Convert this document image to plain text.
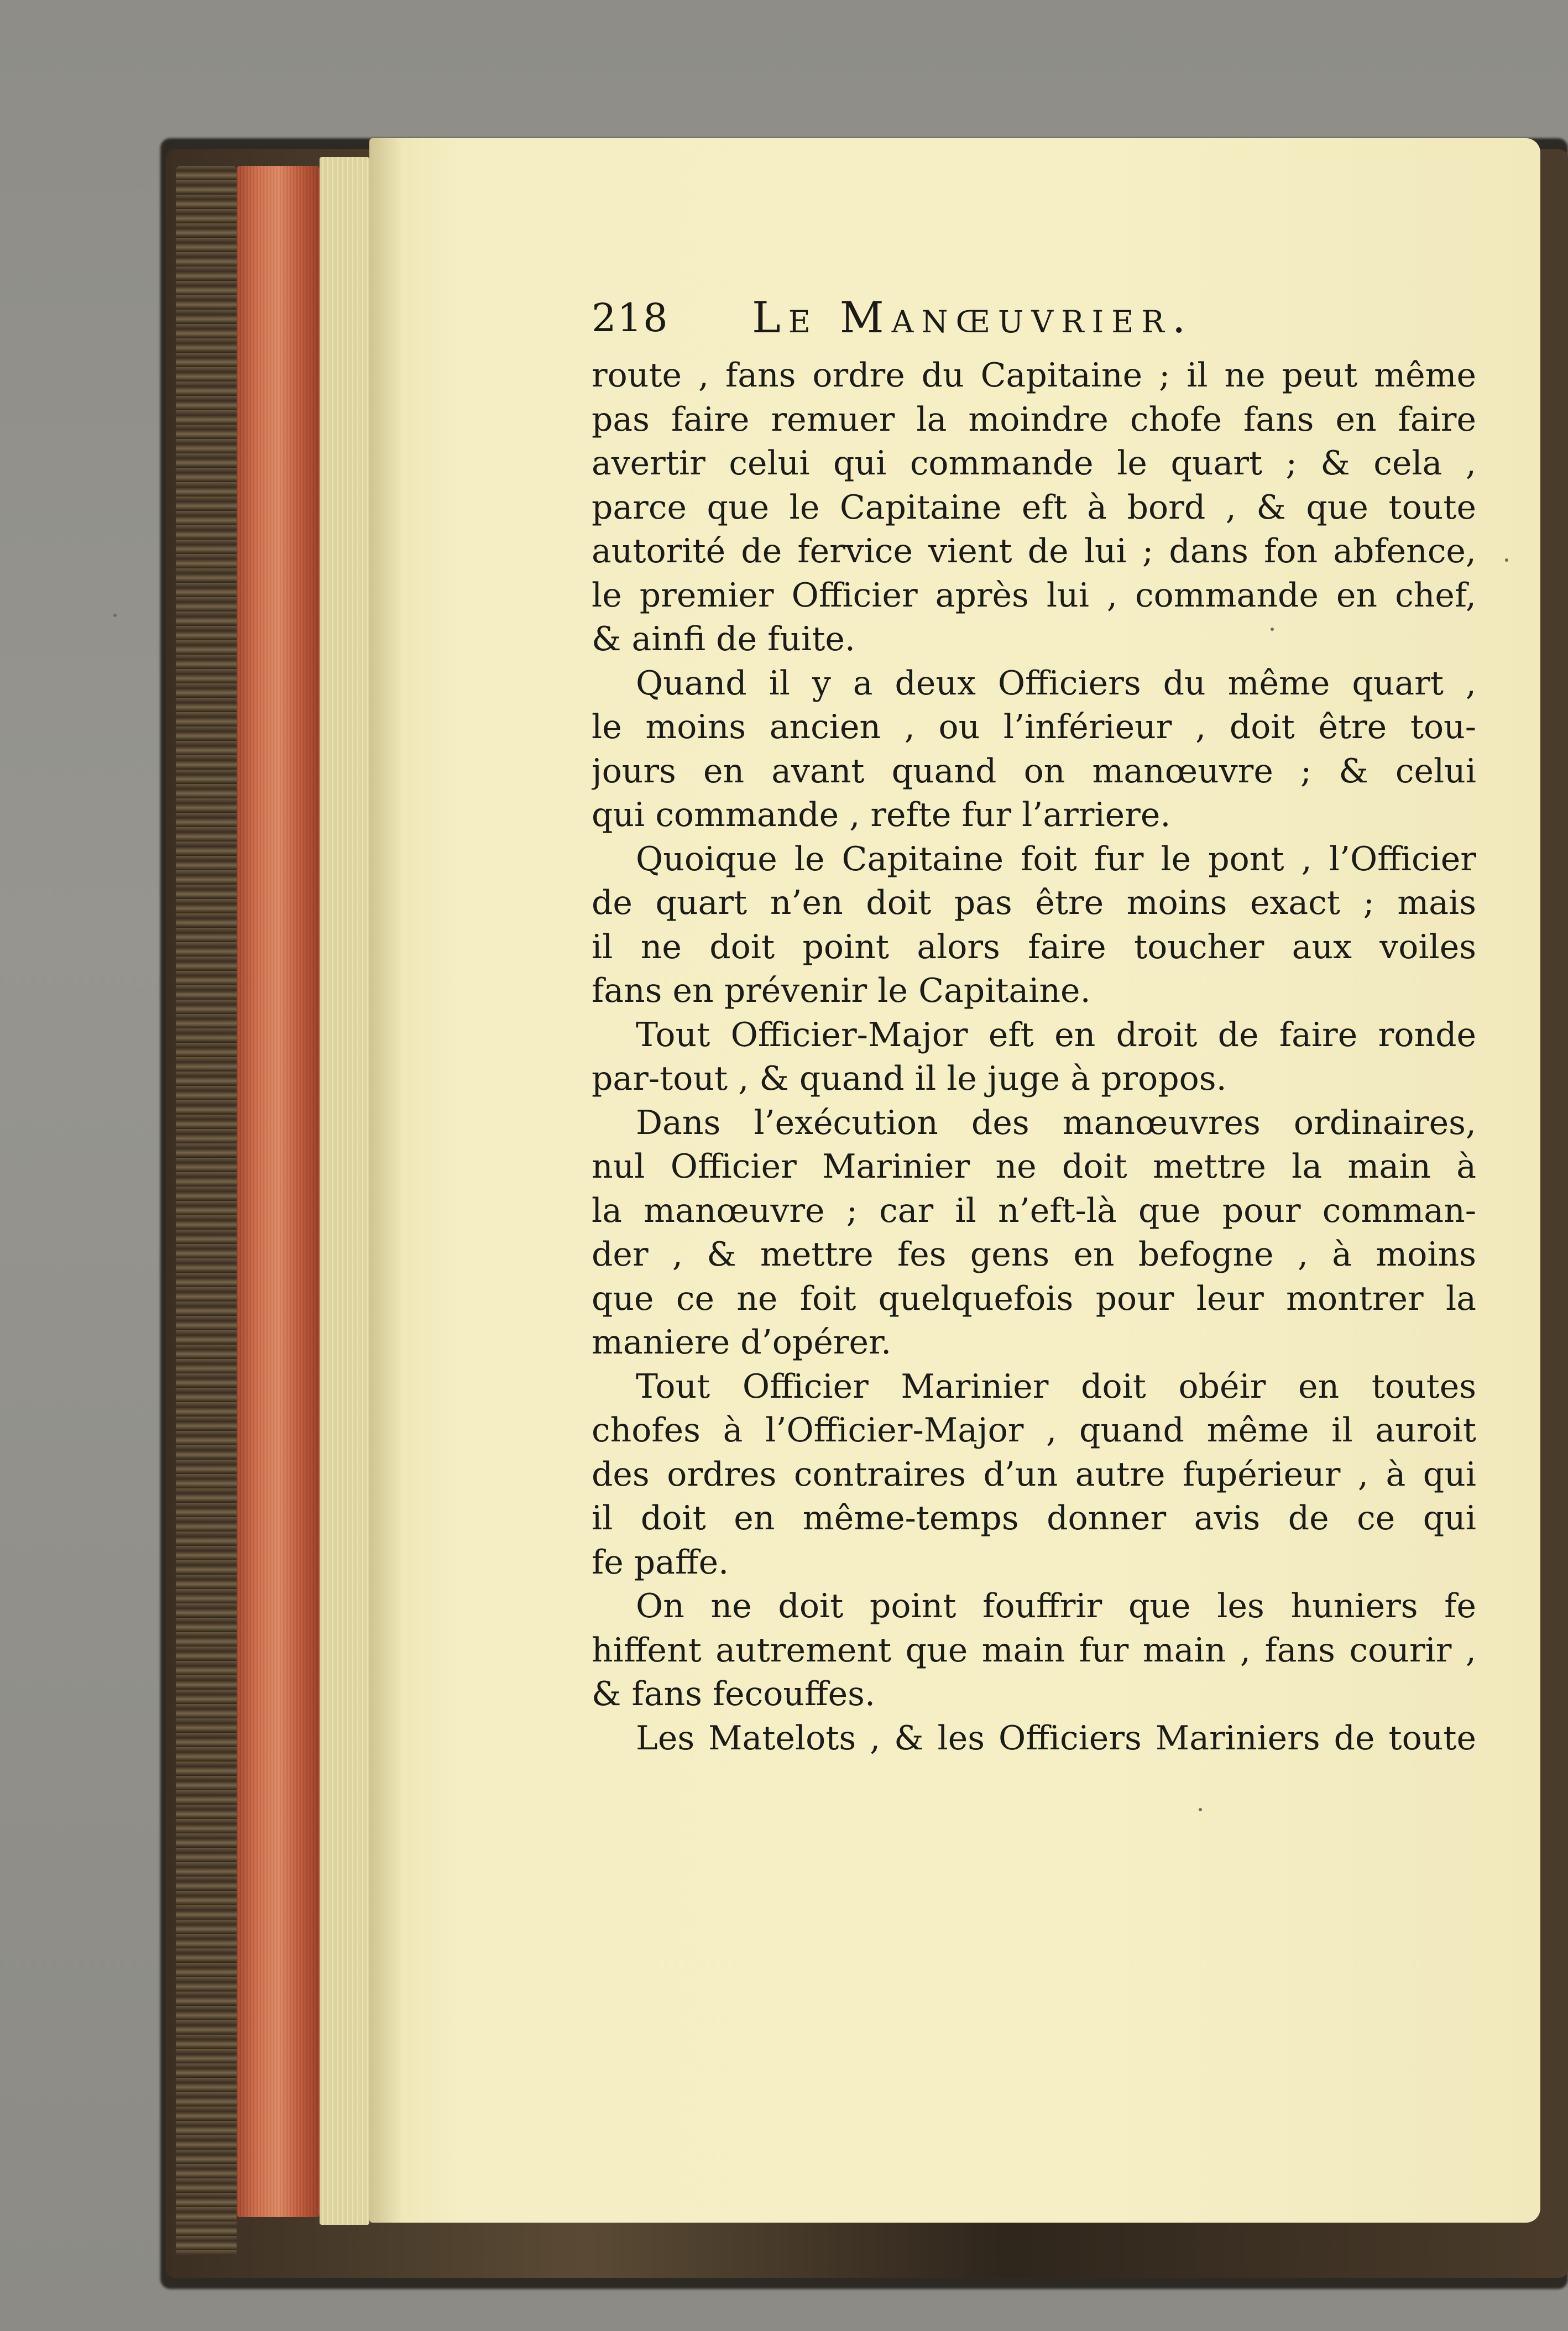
218 Le Manœuvrier.
route , fans ordre du Capitaine ; il ne peut même
pas faire remuer la moindre chofe fans en faire
avertir celui qui commande le quart ; & cela ,
parce que le Capitaine eft à bord , & que toute
autorité de fervice vient de lui ; dans fon abfence,
le premier Officier après lui , commande en chef,
& ainfi de fuite.
Quand il y a deux Officiers du même quart ,
le moins ancien , ou l’inférieur , doit être tou-
jours en avant quand on manœuvre ; & celui
qui commande , refte fur l’arriere.
Quoique le Capitaine foit fur le pont , l’Officier
de quart n’en doit pas être moins exact ; mais
il ne doit point alors faire toucher aux voiles
fans en prévenir le Capitaine.
Tout Officier-Major eft en droit de faire ronde
par-tout , & quand il le juge à propos.
Dans l’exécution des manœuvres ordinaires,
nul Officier Marinier ne doit mettre la main à
la manœuvre ; car il n’eft-là que pour comman-
der , & mettre fes gens en befogne , à moins
que ce ne foit quelquefois pour leur montrer la
maniere d’opérer.
Tout Officier Marinier doit obéir en toutes
chofes à l’Officier-Major , quand même il auroit
des ordres contraires d’un autre fupérieur , à qui
il doit en même-temps donner avis de ce qui
fe paffe.
On ne doit point fouffrir que les huniers fe
hiffent autrement que main fur main , fans courir ,
& fans fecouffes.
Les Matelots , & les Officiers Mariniers de toute
